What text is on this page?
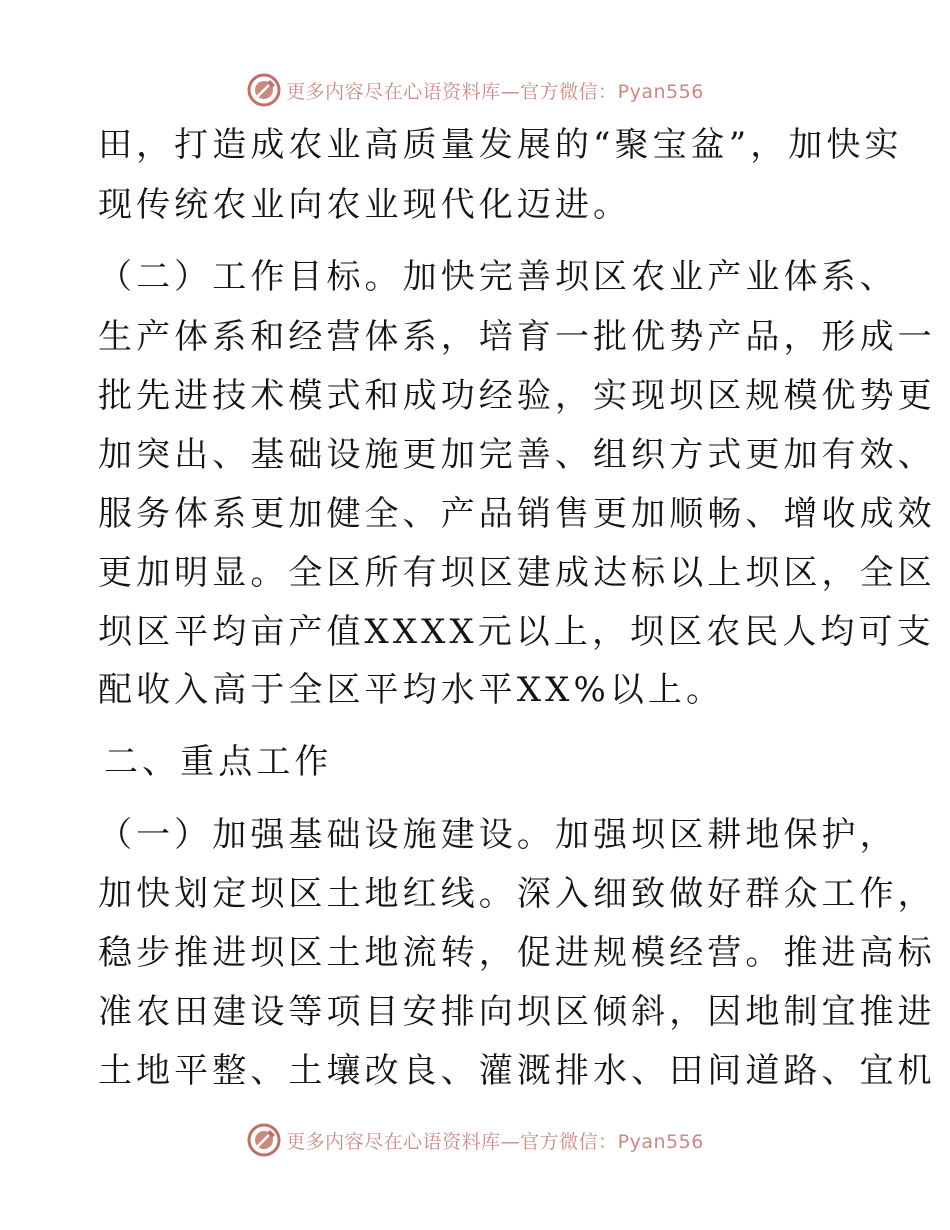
更多内容尽在心语资料库—官方微信：Pyan556
田，打造成农业高质量发展的“聚宝盆”，加快实
现传统农业向农业现代化迈进。
（二）工作目标。加快完善坝区农业产业体系、
生产体系和经营体系，培育一批优势产品，形成一
批先进技术模式和成功经验，实现坝区规模优势更
加突出、基础设施更加完善、组织方式更加有效、
服务体系更加健全、产品销售更加顺畅、增收成效
更加明显。全区所有坝区建成达标以上坝区，全区
坝区平均亩产值XXXX元以上，坝区农民人均可支
配收入高于全区平均水平XX%以上。
二、重点工作
（一）加强基础设施建设。加强坝区耕地保护，
加快划定坝区土地红线。深入细致做好群众工作，
稳步推进坝区土地流转，促进规模经营。推进高标
准农田建设等项目安排向坝区倾斜，因地制宜推进
土地平整、土壤改良、灌溉排水、田间道路、宜机
更多内容尽在心语资料库—官方微信：Pyan556
